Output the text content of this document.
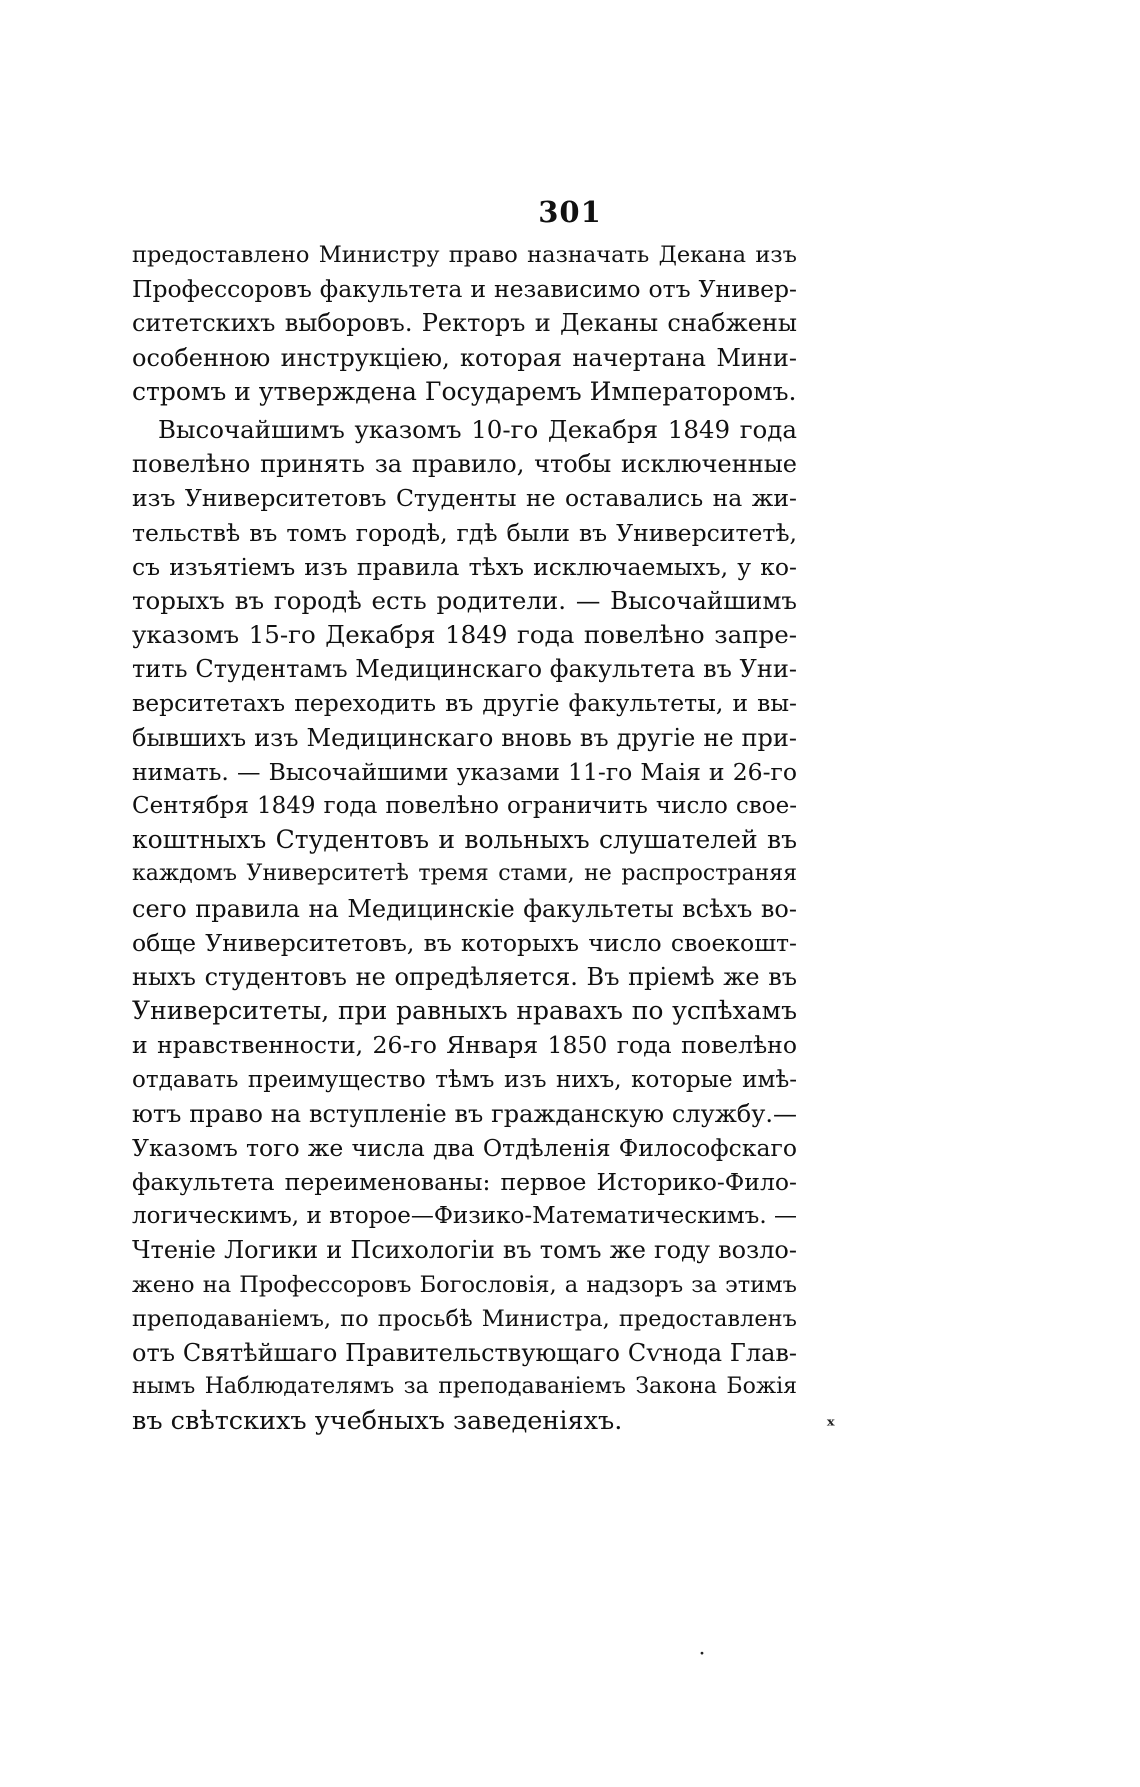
301
предоставлено Министру право назначать Декана изъ
Профессоровъ факультета и независимо отъ Универ-
ситетскихъ выборовъ. Ректоръ и Деканы снабжены
особенною инструкціею, которая начертана Мини-
стромъ и утверждена Государемъ Императоромъ.
Высочайшимъ указомъ 10-го Декабря 1849 года
повелѣно принять за правило, чтобы исключенные
изъ Университетовъ Студенты не оставались на жи-
тельствѣ въ томъ городѣ, гдѣ были въ Университетѣ,
съ изъятіемъ изъ правила тѣхъ исключаемыхъ, у ко-
торыхъ въ городѣ есть родители. — Высочайшимъ
указомъ 15-го Декабря 1849 года повелѣно запре-
тить Студентамъ Медицинскаго факультета въ Уни-
верситетахъ переходить въ другіе факультеты, и вы-
бывшихъ изъ Медицинскаго вновь въ другіе не при-
нимать. — Высочайшими указами 11-го Маія и 26-го
Сентября 1849 года повелѣно ограничить число свое-
коштныхъ Студентовъ и вольныхъ слушателей въ
каждомъ Университетѣ тремя стами, не распространяя
сего правила на Медицинскіе факультеты всѣхъ во-
обще Университетовъ, въ которыхъ число своекошт-
ныхъ студентовъ не опредѣляется. Въ пріемѣ же въ
Университеты, при равныхъ нравахъ по успѣхамъ
и нравственности, 26-го Января 1850 года повелѣно
отдавать преимущество тѣмъ изъ нихъ, которые имѣ-
ютъ право на вступленіе въ гражданскую службу.—
Указомъ того же числа два Отдѣленія Философскаго
факультета переименованы: первое Историко-Фило-
логическимъ, и второе—Физико-Математическимъ. —
Чтеніе Логики и Психологіи въ томъ же году возло-
жено на Профессоровъ Богословія, а надзоръ за этимъ
преподаваніемъ, по просьбѣ Министра, предоставленъ
отъ Святѣйшаго Правительствующаго Сѵнода Глав-
нымъ Наблюдателямъ за преподаваніемъ Закона Божія
въ свѣтскихъ учебныхъ заведеніяхъ.	ˣ
˙
